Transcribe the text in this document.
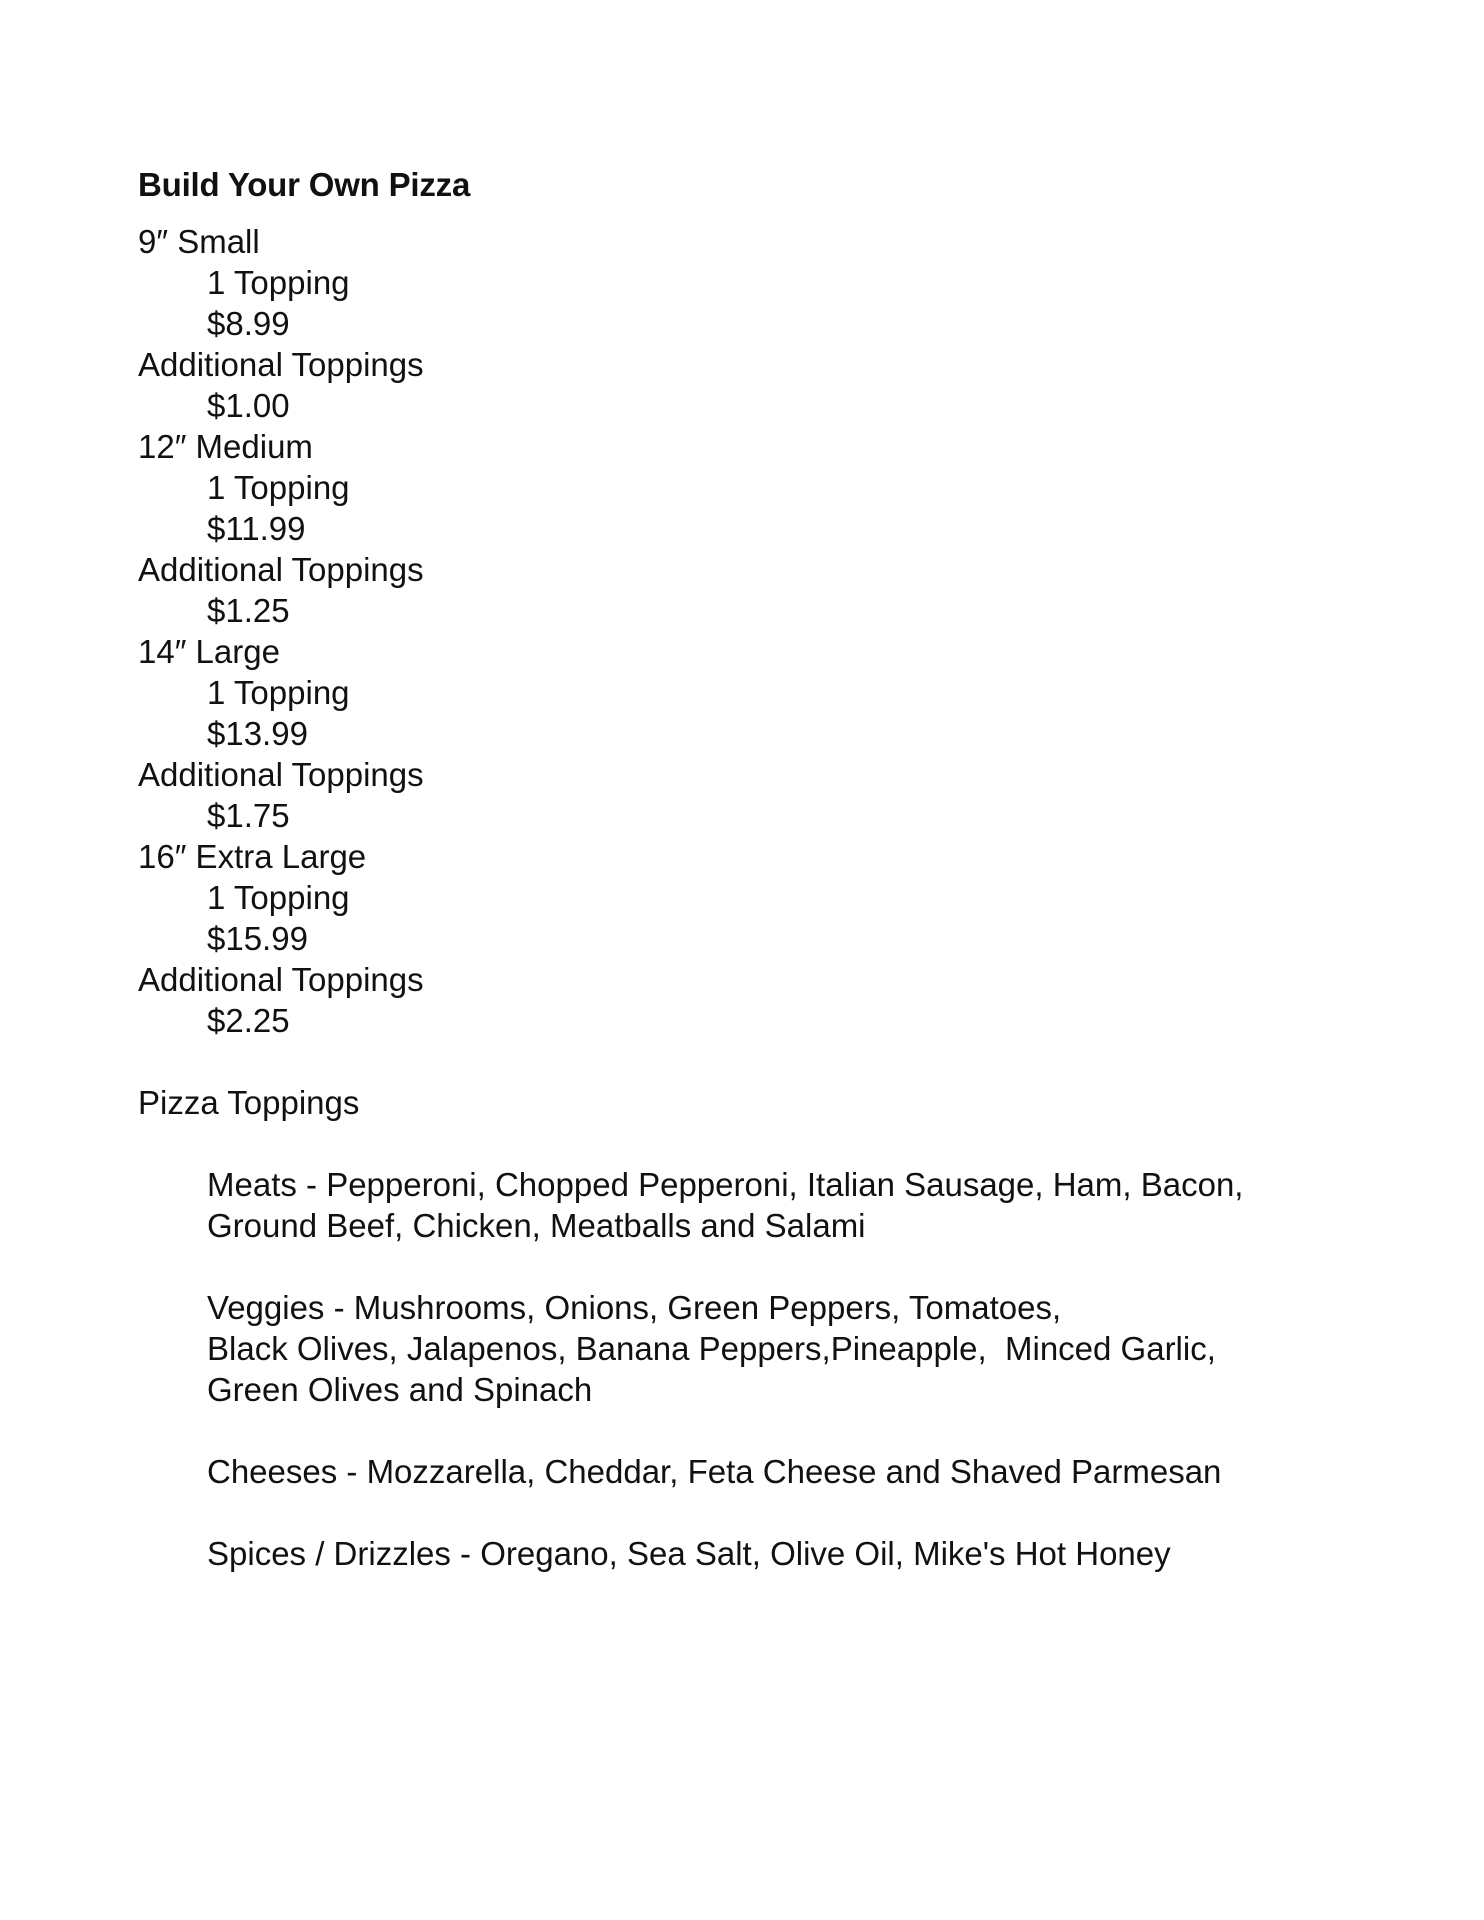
Build Your Own Pizza
9″ Small
1 Topping
$8.99
Additional Toppings
$1.00
12″ Medium
1 Topping
$11.99
Additional Toppings
$1.25
14″ Large
1 Topping
$13.99
Additional Toppings
$1.75
16″ Extra Large
1 Topping
$15.99
Additional Toppings
$2.25
Pizza Toppings
Meats - Pepperoni, Chopped Pepperoni, Italian Sausage, Ham, Bacon,
Ground Beef, Chicken, Meatballs and Salami
Veggies - Mushrooms, Onions, Green Peppers, Tomatoes,
Black Olives, Jalapenos, Banana Peppers,Pineapple,  Minced Garlic,
Green Olives and Spinach
Cheeses - Mozzarella, Cheddar, Feta Cheese and Shaved Parmesan
Spices / Drizzles - Oregano, Sea Salt, Olive Oil, Mike's Hot Honey
